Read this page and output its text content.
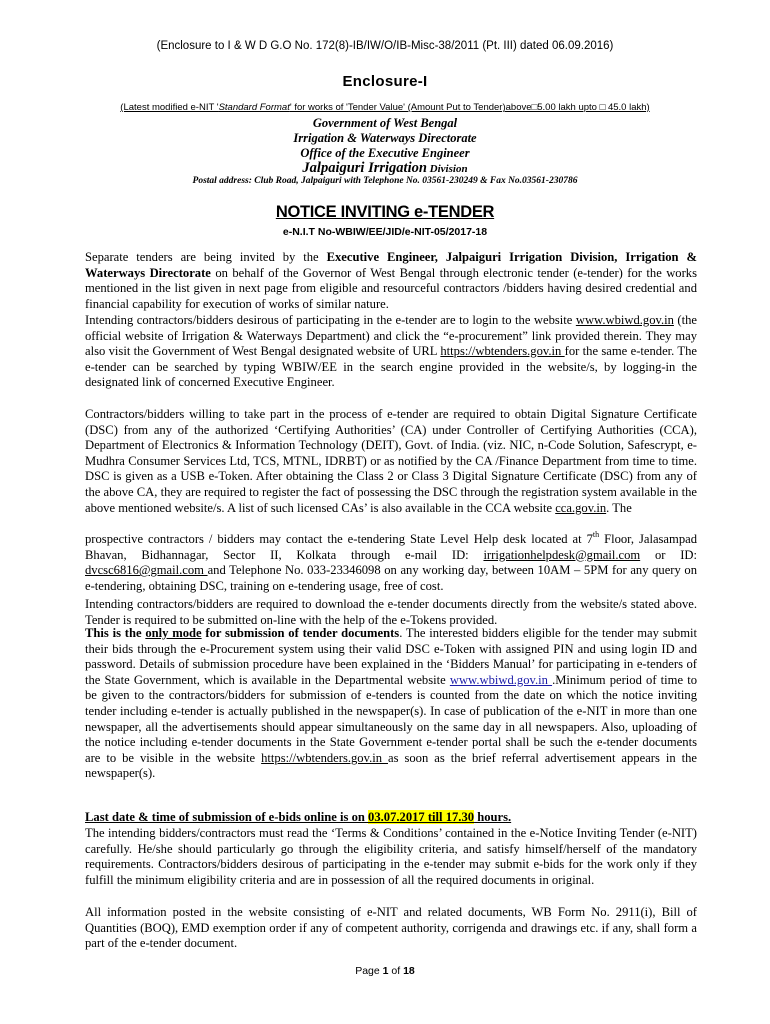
(Enclosure to I & W D G.O No. 172(8)-IB/IW/O/IB-Misc-38/2011 (Pt. III) dated 06.09.2016)
Enclosure-I
(Latest modified e-NIT 'Standard Format' for works of 'Tender Value' (Amount Put to Tender)above□5.00 lakh upto □ 45.0 lakh)
Government of West Bengal
Irrigation & Waterways Directorate
Office of the Executive Engineer
Jalpaiguri Irrigation Division
Postal address: Club Road, Jalpaiguri with Telephone No. 03561-230249 & Fax No.03561-230786
NOTICE INVITING e-TENDER
e-N.I.T No-WBIW/EE/JID/e-NIT-05/2017-18

Separate tenders are being invited by the Executive Engineer, Jalpaiguri Irrigation Division, Irrigation & Waterways Directorate on behalf of the Governor of West Bengal through electronic tender (e-tender) for the works mentioned in the list given in next page from eligible and resourceful contractors /bidders having desired credential and financial capability for execution of works of similar nature.

Intending contractors/bidders desirous of participating in the e-tender are to login to the website www.wbiwd.gov.in (the official website of Irrigation & Waterways Department) and click the “e-procurement” link provided therein. They may also visit the Government of West Bengal designated website of URL https://wbtenders.gov.in for the same e-tender. The e-tender can be searched by typing WBIW/EE in the search engine provided in the website/s, by logging-in the designated link of concerned Executive Engineer.

Contractors/bidders willing to take part in the process of e-tender are required to obtain Digital Signature Certificate (DSC) from any of the authorized ‘Certifying Authorities’ (CA) under Controller of Certifying Authorities (CCA), Department of Electronics & Information Technology (DEIT), Govt. of India. (viz. NIC, n-Code Solution, Safescrypt, e-Mudhra Consumer Services Ltd, TCS, MTNL, IDRBT) or as notified by the CA /Finance Department from time to time. DSC is given as a USB e-Token. After obtaining the Class 2 or Class 3 Digital Signature Certificate (DSC) from any of the above CA, they are required to register the fact of possessing the DSC through the registration system available in the above mentioned website/s. A list of such licensed CAs’ is also available in the CCA website cca.gov.in. The

prospective contractors / bidders may contact the e-tendering State Level Help desk located at 7th Floor, Jalasampad Bhavan, Bidhannagar, Sector II, Kolkata through e-mail ID: irrigationhelpdesk@gmail.com or ID: dvcsc6816@gmail.com and Telephone No. 033-23346098 on any working day, between 10AM – 5PM for any query on e-tendering, obtaining DSC, training on e-tendering usage, free of cost.

Intending contractors/bidders are required to download the e-tender documents directly from the website/s stated above. Tender is required to be submitted on-line with the help of the e-Tokens provided.

This is the only mode for submission of tender documents. The interested bidders eligible for the tender may submit their bids through the e-Procurement system using their valid DSC e-Token with assigned PIN and using login ID and password. Details of submission procedure have been explained in the ‘Bidders Manual’ for participating in e-tenders of the State Government, which is available in the Departmental website www.wbiwd.gov.in .Minimum period of time to be given to the contractors/bidders for submission of e-tenders is counted from the date on which the notice inviting tender including e-tender is actually published in the newspaper(s). In case of publication of the e-NIT in more than one newspaper, all the advertisements should appear simultaneously on the same day in all newspapers. Also, uploading of the notice including e-tender documents in the State Government e-tender portal shall be such the e-tender documents are to be visible in the website https://wbtenders.gov.in as soon as the brief referral advertisement appears in the newspaper(s).

Last date & time of submission of e-bids online is on 03.07.2017 till 17.30 hours.

The intending bidders/contractors must read the ‘Terms & Conditions’ contained in the e-Notice Inviting Tender (e-NIT) carefully. He/she should particularly go through the eligibility criteria, and satisfy himself/herself of the mandatory requirements. Contractors/bidders desirous of participating in the e-tender may submit e-bids for the work only if they fulfill the minimum eligibility criteria and are in possession of all the required documents in original.

All information posted in the website consisting of e-NIT and related documents, WB Form No. 2911(i), Bill of Quantities (BOQ), EMD exemption order if any of competent authority, corrigenda and drawings etc. if any, shall form a part of the e-tender document.

Page 1 of 18
